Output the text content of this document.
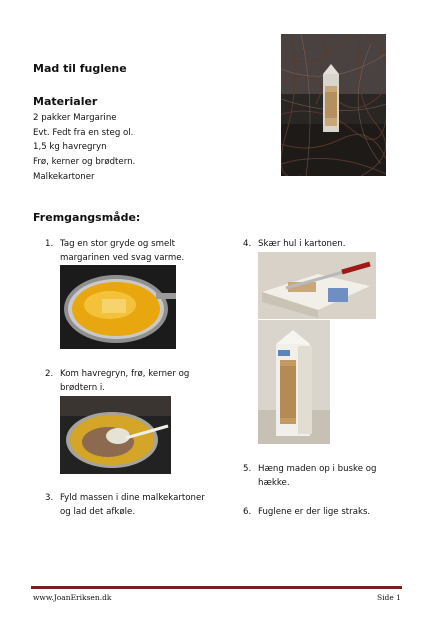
Mad til fuglene
Materialer
2 pakker Margarine
Evt. Fedt fra en steg ol.
1,5 kg havregryn
Frø, kerner og brødtern.
Malkekartoner
Fremgangsmåde:
1. Tag en stor gryde og smelt
margarinen ved svag varme.
2. Kom havregryn, frø, kerner og
brødtern i.
3. Fyld massen i dine malkekartoner
og lad det afkøle.
4. Skær hul i kartonen.
5. Hæng maden op i buske og
hække.
6. Fuglene er der lige straks.
www.JoanEriksen.dk	Side 1
